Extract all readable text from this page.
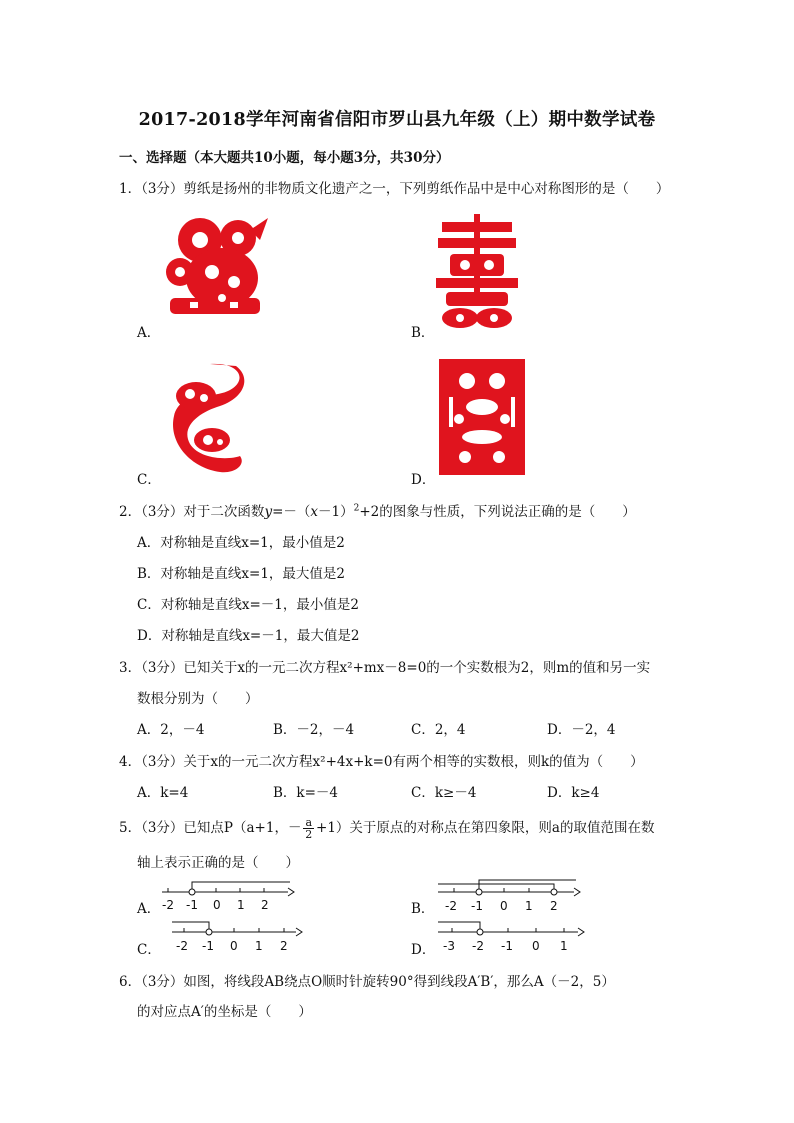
2017-2018学年河南省信阳市罗山县九年级（上）期中数学试卷
一、选择题（本大题共10小题，每小题3分，共30分）
1．（3分）剪纸是扬州的非物质文化遗产之一，下列剪纸作品中是中心对称图形的是（　　）
A．	B．
C．	D．
2．（3分）对于二次函数$y=-(x-1)^2+2$的图象与性质，下列说法正确的是（　　）
A．对称轴是直线x=1，最小值是2
B．对称轴是直线x=1，最大值是2
C．对称轴是直线x=－1，最小值是2
D．对称轴是直线x=－1，最大值是2
3．（3分）已知关于x的一元二次方程x²+mx－8=0的一个实数根为2，则m的值和另一实
数根分别为（　　）
A．2，－4	B．－2，－4	C．2，4	D．－2，4
4．（3分）关于x的一元二次方程x²+4x+k=0有两个相等的实数根，则k的值为（　　）
A．k=4	B．k=－4	C．k≥－4	D．k≥4
5．（3分）已知点P（a+1，－ $\frac{a}{2} +1$）关于原点的对称点在第四象限，则a的取值范围在数
轴上表示正确的是（　　）
A． -2 -1 0 1 2	B． -2 -1 0 1 2
C． -2 -1 0 1 2	D． -3 -2 -1 0 1
6．（3分）如图，将线段AB绕点O顺时针旋转90°得到线段A′B′，那么A（－2，5）
的对应点A′的坐标是（　　）
